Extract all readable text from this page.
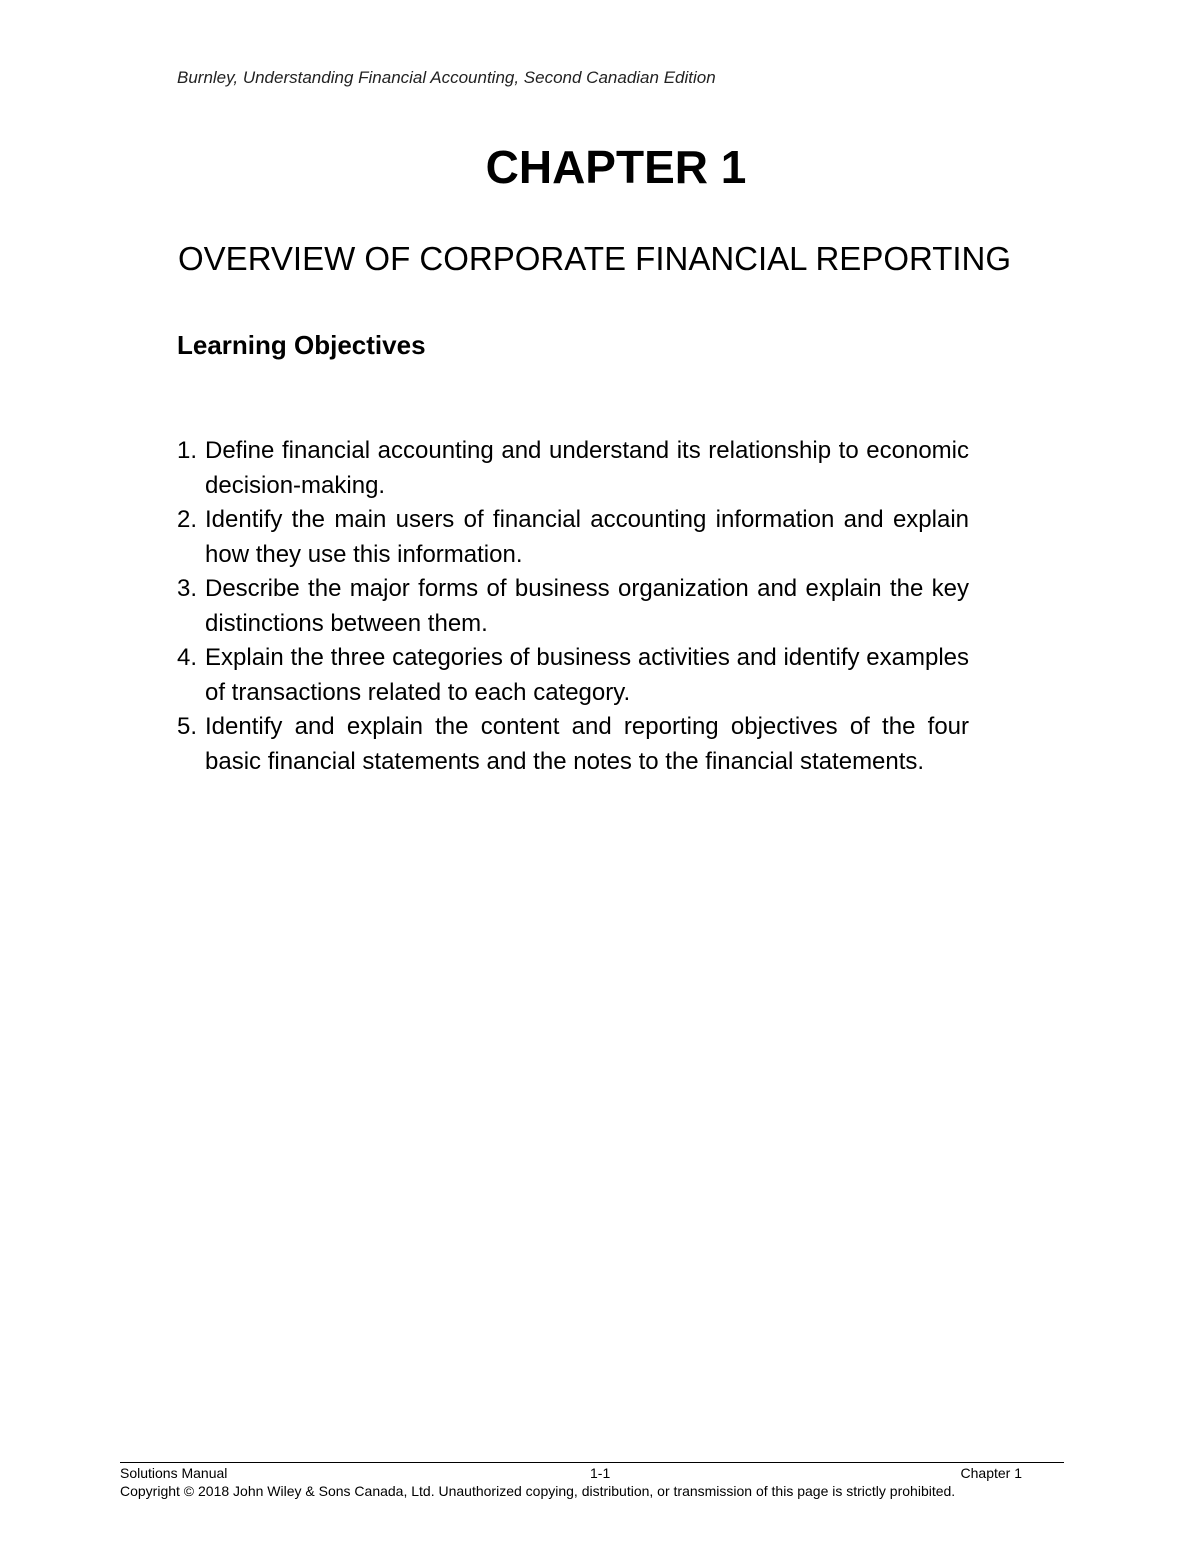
Burnley, Understanding Financial Accounting, Second Canadian Edition
CHAPTER 1
OVERVIEW OF CORPORATE FINANCIAL REPORTING
Learning Objectives
1. Define financial accounting and understand its relationship to economic decision-making.
2. Identify the main users of financial accounting information and explain how they use this information.
3. Describe the major forms of business organization and explain the key distinctions between them.
4. Explain the three categories of business activities and identify examples of transactions related to each category.
5. Identify and explain the content and reporting objectives of the four basic financial statements and the notes to the financial statements.
Solutions Manual	1-1	Chapter 1
Copyright © 2018 John Wiley & Sons Canada, Ltd. Unauthorized copying, distribution, or transmission of this page is strictly prohibited.
